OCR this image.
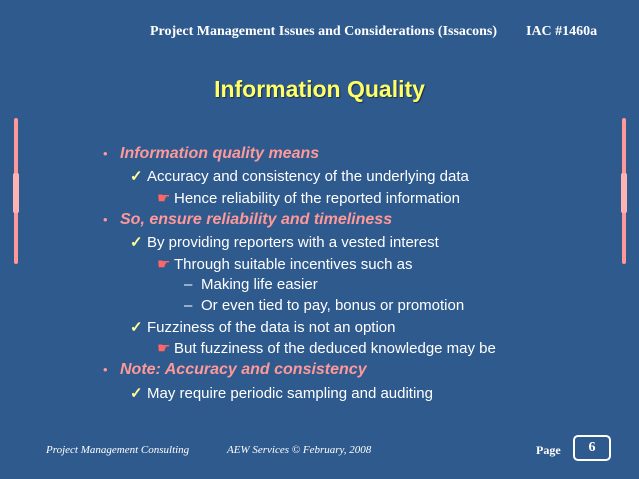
Project Management Issues and Considerations (Issacons) IAC #1460a
Information Quality
• Information quality means
✓ Accuracy and consistency of the underlying data
☛ Hence reliability of the reported information
• So, ensure reliability and timeliness
✓ By providing reporters with a vested interest
☛ Through suitable incentives such as
– Making life easier
– Or even tied to pay, bonus or promotion
✓ Fuzziness of the data is not an option
☛ But fuzziness of the deduced knowledge may be
• Note: Accuracy and consistency
✓ May require periodic sampling and auditing
Project Management Consulting	AEW Services © February, 2008	Page	6
